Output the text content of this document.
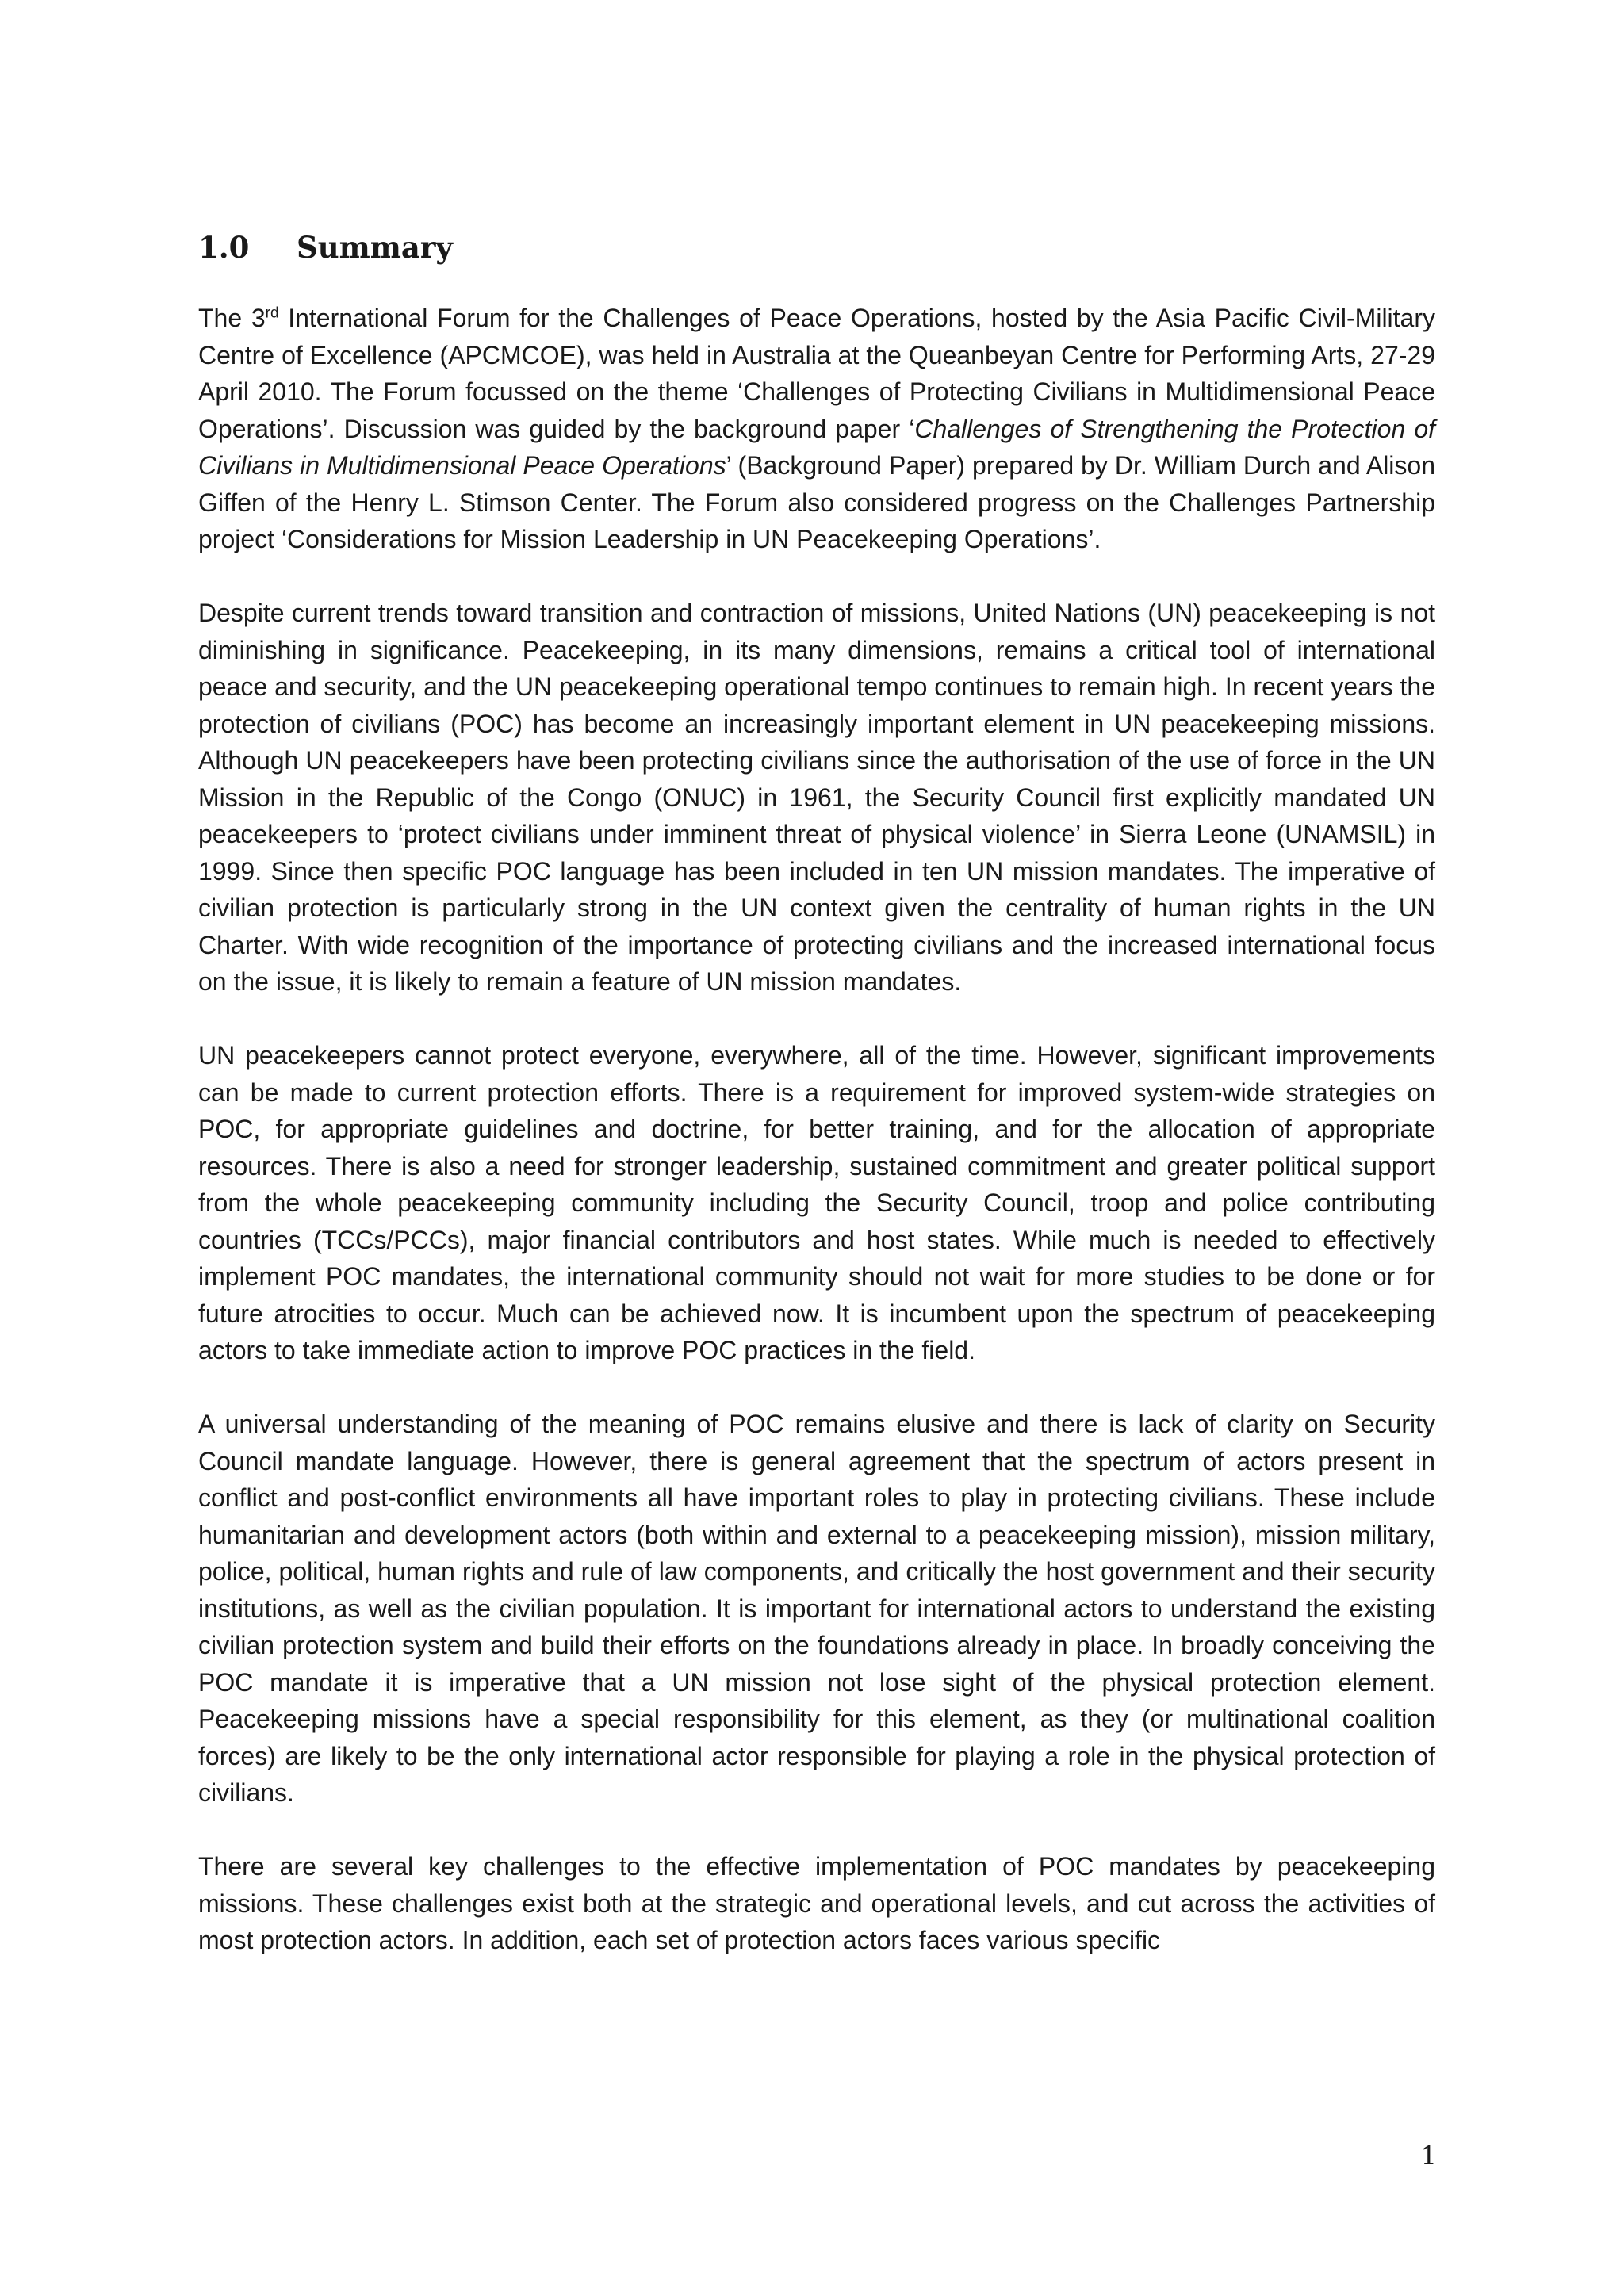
1.0	Summary

The 3rd International Forum for the Challenges of Peace Operations, hosted by the Asia Pacific Civil-Military Centre of Excellence (APCMCOE), was held in Australia at the Queanbeyan Centre for Performing Arts, 27-29 April 2010. The Forum focussed on the theme ‘Challenges of Protecting Civilians in Multidimensional Peace Operations’. Discussion was guided by the background paper ‘Challenges of Strengthening the Protection of Civilians in Multidimensional Peace Operations’ (Background Paper) prepared by Dr. William Durch and Alison Giffen of the Henry L. Stimson Center. The Forum also considered progress on the Challenges Partnership project ‘Considerations for Mission Leadership in UN Peacekeeping Operations’.

Despite current trends toward transition and contraction of missions, United Nations (UN) peacekeeping is not diminishing in significance. Peacekeeping, in its many dimensions, remains a critical tool of international peace and security, and the UN peacekeeping operational tempo continues to remain high. In recent years the protection of civilians (POC) has become an increasingly important element in UN peacekeeping missions. Although UN peacekeepers have been protecting civilians since the authorisation of the use of force in the UN Mission in the Republic of the Congo (ONUC) in 1961, the Security Council first explicitly mandated UN peacekeepers to ‘protect civilians under imminent threat of physical violence’ in Sierra Leone (UNAMSIL) in 1999. Since then specific POC language has been included in ten UN mission mandates. The imperative of civilian protection is particularly strong in the UN context given the centrality of human rights in the UN Charter. With wide recognition of the importance of protecting civilians and the increased international focus on the issue, it is likely to remain a feature of UN mission mandates.

UN peacekeepers cannot protect everyone, everywhere, all of the time. However, significant improvements can be made to current protection efforts. There is a requirement for improved system-wide strategies on POC, for appropriate guidelines and doctrine, for better training, and for the allocation of appropriate resources. There is also a need for stronger leadership, sustained commitment and greater political support from the whole peacekeeping community including the Security Council, troop and police contributing countries (TCCs/PCCs), major financial contributors and host states. While much is needed to effectively implement POC mandates, the international community should not wait for more studies to be done or for future atrocities to occur. Much can be achieved now. It is incumbent upon the spectrum of peacekeeping actors to take immediate action to improve POC practices in the field.

A universal understanding of the meaning of POC remains elusive and there is lack of clarity on Security Council mandate language. However, there is general agreement that the spectrum of actors present in conflict and post-conflict environments all have important roles to play in protecting civilians. These include humanitarian and development actors (both within and external to a peacekeeping mission), mission military, police, political, human rights and rule of law components, and critically the host government and their security institutions, as well as the civilian population. It is important for international actors to understand the existing civilian protection system and build their efforts on the foundations already in place. In broadly conceiving the POC mandate it is imperative that a UN mission not lose sight of the physical protection element. Peacekeeping missions have a special responsibility for this element, as they (or multinational coalition forces) are likely to be the only international actor responsible for playing a role in the physical protection of civilians.

There are several key challenges to the effective implementation of POC mandates by peacekeeping missions. These challenges exist both at the strategic and operational levels, and cut across the activities of most protection actors. In addition, each set of protection actors faces various specific

1
